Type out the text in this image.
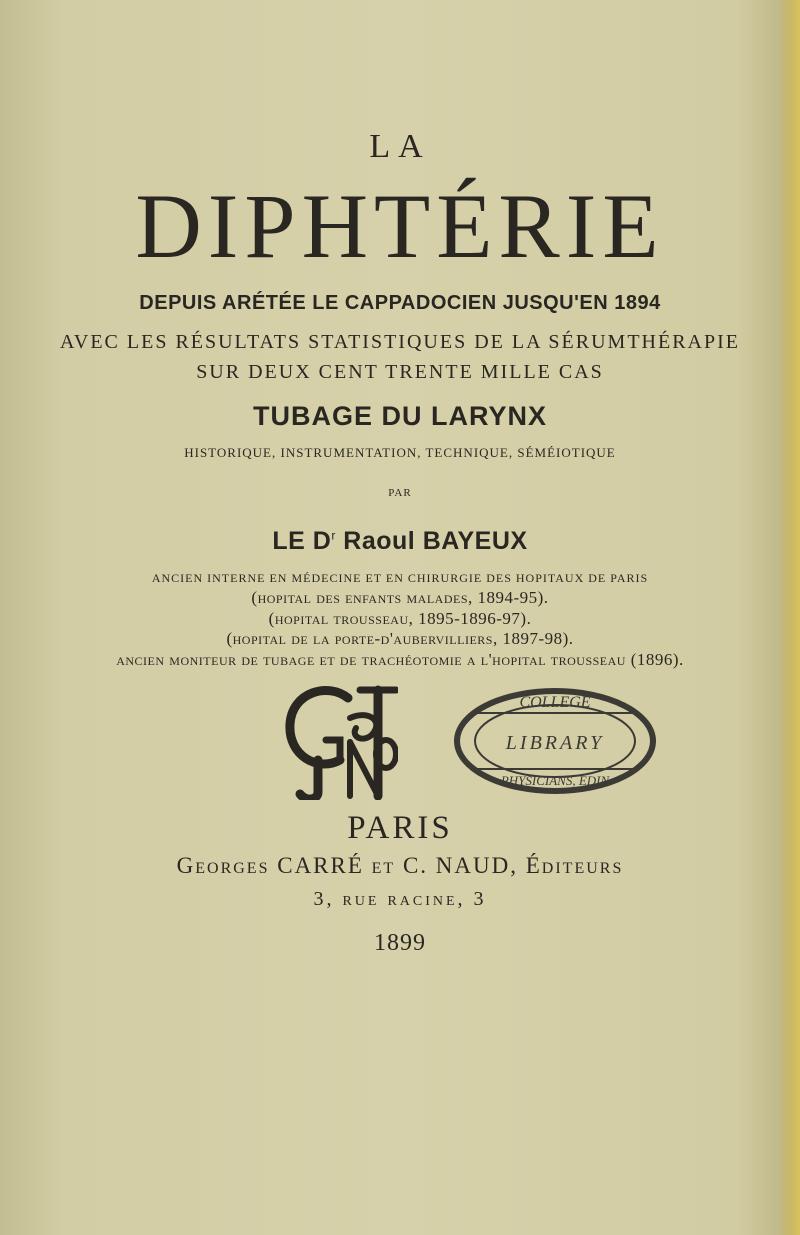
LA
DIPHTÉRIE
DEPUIS ARÉTÉE LE CAPPADOCIEN JUSQU'EN 1894
AVEC LES RÉSULTATS STATISTIQUES DE LA SÉRUMTHÉRAPIE
SUR DEUX CENT TRENTE MILLE CAS
TUBAGE DU LARYNX
HISTORIQUE, INSTRUMENTATION, TECHNIQUE, SÉMÉIOTIQUE
PAR
LE $D^r$ Raoul BAYEUX
ANCIEN INTERNE EN MÉDECINE ET EN CHIRURGIE DES HOPITAUX DE PARIS
(hopital des enfants malades, 1894-95).
(hopital trousseau, 1895-1896-97).
(hopital de la porte-d'aubervilliers, 1897-98).
ancien moniteur de tubage et de trachéotomie a l'hopital trousseau (1896).
COLLEGE
LIBRARY
PHYSICIANS, EDIN
PARIS
Georges CARRÉ et C. NAUD, Éditeurs
3, rue racine, 3
1899
